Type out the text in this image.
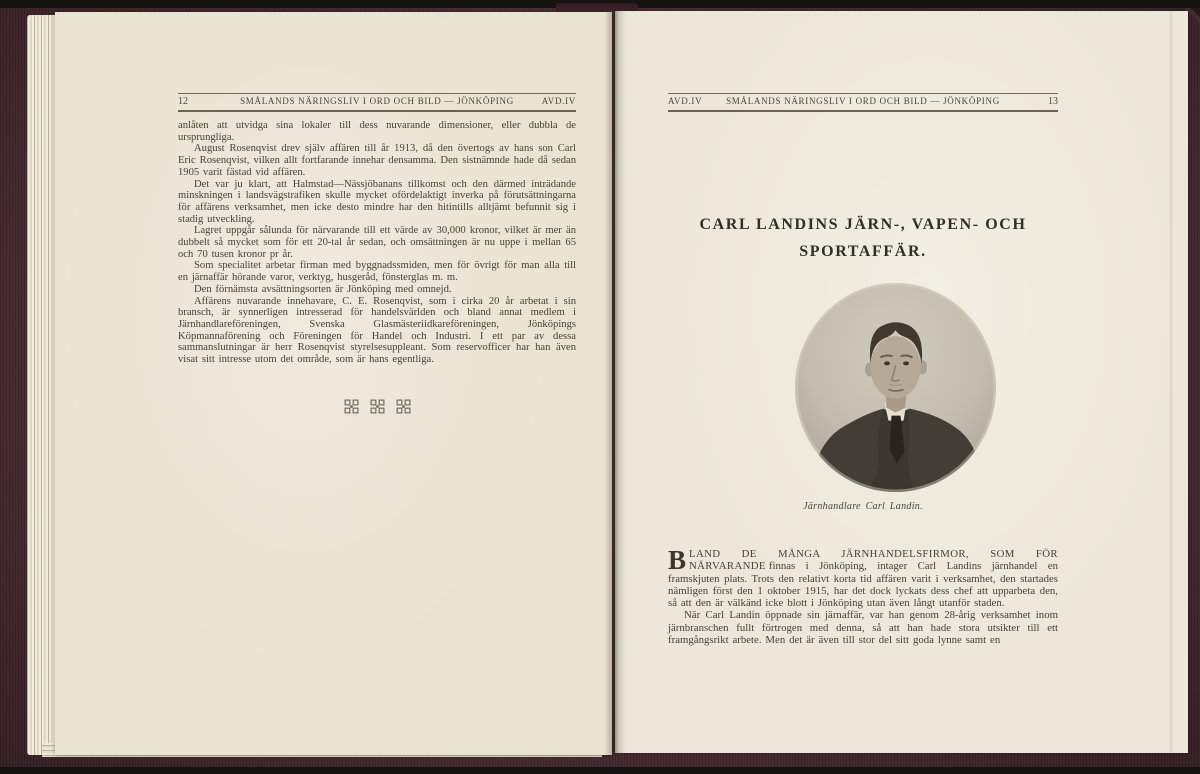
12	SMÅLANDS NÄRINGSLIV I ORD OCH BILD — JÖNKÖPING	AVD.IV

anlåten att utvidga sina lokaler till dess nuvarande dimensioner, eller dubbla de ursprungliga.

August Rosenqvist drev själv affären till år 1913, då den övertogs av hans son Carl Eric Rosenqvist, vilken allt fortfarande innehar densamma. Den sistnämnde hade då sedan 1905 varit fästad vid affären.

Det var ju klart, att Halmstad—Nässjöbanans tillkomst och den därmed inträdande minskningen i landsvägstrafiken skulle mycket ofördelaktigt inverka på förutsättningarna för affärens verksamhet, men icke desto mindre har den hitintills alltjämt befunnit sig i stadig utveckling.

Lagret uppgår sålunda för närvarande till ett värde av 30,000 kronor, vilket är mer än dubbelt så mycket som för ett 20-tal år sedan, och omsättningen är nu uppe i mellan 65 och 70 tusen kronor pr år.

Som specialitet arbetar firman med byggnadssmiden, men för övrigt för man alla till en järnaffär hörande varor, verktyg, husgeråd, fönsterglas m. m.

Den förnämsta avsättningsorten är Jönköping med omnejd.

Affärens nuvarande innehavare, C. E. Rosenqvist, som i cirka 20 år arbetat i sin bransch, är synnerligen intresserad för handelsvärlden och bland annat medlem i Järnhandlareföreningen, Svenska Glasmästeriidkareföreningen, Jönköpings Köpmannaförening och Föreningen för Handel och Industri. I ett par av dessa sammanslutningar är herr Rosenqvist styrelsesuppleant. Som reservofficer har han även visat sitt intresse utom det område, som är hans egentliga.

AVD.IV	SMÅLANDS NÄRINGSLIV I ORD OCH BILD — JÖNKÖPING	13
CARL LANDINS JÄRN-, VAPEN- OCH SPORTAFFÄR.
Järnhandlare Carl Landin.

BLAND DE MÅNGA JÄRNHANDELSFIRMOR, SOM FÖR NÄRVARANDE finnas i Jönköping, intager Carl Landins järnhandel en framskjuten plats. Trots den relativt korta tid affären varit i verksamhet, den startades nämligen först den 1 oktober 1915, har det dock lyckats dess chef att upparbeta den, så att den är välkänd icke blott i Jönköping utan även långt utanför staden.

När Carl Landin öppnade sin järnaffär, var han genom 28-årig verksamhet inom järnbranschen fullt förtrogen med denna, så att han hade stora utsikter till ett framgångsrikt arbete. Men det är även till stor del sitt goda lynne samt en
